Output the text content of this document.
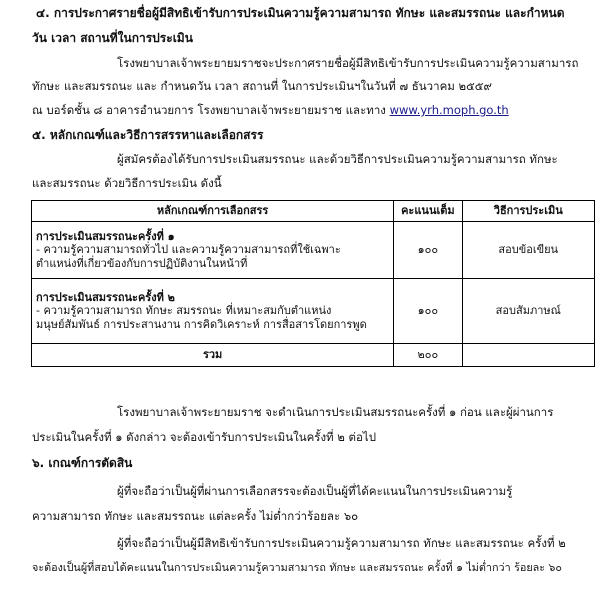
๔. การประกาศรายชื่อผู้มีสิทธิเข้ารับการประเมินความรู้ความสามารถ ทักษะ และสมรรถนะ และกำหนด
วัน เวลา สถานที่ในการประเมิน
โรงพยาบาลเจ้าพระยายมราชจะประกาศรายชื่อผู้มีสิทธิเข้ารับการประเมินความรู้ความสามารถ
ทักษะ และสมรรถนะ และ กำหนดวัน เวลา สถานที่ ในการประเมินฯในวันที่ ๗ ธันวาคม ๒๕๕๙
ณ บอร์ดชั้น ๘ อาคารอำนวยการ โรงพยาบาลเจ้าพระยายมราช และทาง www.yrh.moph.go.th
๕. หลักเกณฑ์และวิธีการสรรหาและเลือกสรร
ผู้สมัครต้องได้รับการประเมินสมรรถนะ และด้วยวิธีการประเมินความรู้ความสามารถ ทักษะ
และสมรรถนะ ด้วยวิธีการประเมิน ดังนี้
หลักเกณฑ์การเลือกสรร	คะแนนเต็ม	วิธีการประเมิน

การประเมินสมรรถนะครั้งที่ ๑
- ความรู้ความสามารถทั่วไป และความรู้ความสามารถที่ใช้เฉพาะ
ตำแหน่งที่เกี่ยวข้องกับการปฏิบัติงานในหน้าที่	๑๐๐	สอบข้อเขียน

การประเมินสมรรถนะครั้งที่ ๒
- ความรู้ความสามารถ ทักษะ สมรรถนะ ที่เหมาะสมกับตำแหน่ง
มนุษย์สัมพันธ์ การประสานงาน การคิดวิเคราะห์ การสื่อสารโดยการพูด	๑๐๐	สอบสัมภาษณ์
รวม	๒๐๐	
โรงพยาบาลเจ้าพระยายมราช จะดำเนินการประเมินสมรรถนะครั้งที่ ๑ ก่อน และผู้ผ่านการ
ประเมินในครั้งที่ ๑ ดังกล่าว จะต้องเข้ารับการประเมินในครั้งที่ ๒ ต่อไป
๖. เกณฑ์การตัดสิน
ผู้ที่จะถือว่าเป็นผู้ที่ผ่านการเลือกสรรจะต้องเป็นผู้ที่ได้คะแนนในการประเมินความรู้
ความสามารถ ทักษะ และสมรรถนะ แต่ละครั้ง ไม่ต่ำกว่าร้อยละ ๖๐
ผู้ที่จะถือว่าเป็นผู้มีสิทธิเข้ารับการประเมินความรู้ความสามารถ ทักษะ และสมรรถนะ ครั้งที่ ๒
จะต้องเป็นผู้ที่สอบได้คะแนนในการประเมินความรู้ความสามารถ ทักษะ และสมรรถนะ ครั้งที่ ๑ ไม่ต่ำกว่า ร้อยละ ๖๐
